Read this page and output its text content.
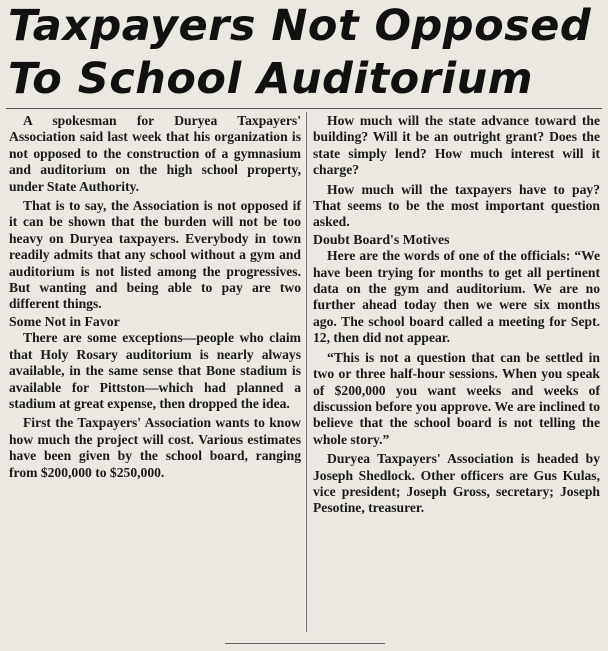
Taxpayers Not Opposed
To School Auditorium

A spokesman for Duryea Taxpayers' Association said last week that his organization is not opposed to the construction of a gymnasium and auditorium on the high school property, under State Authority.

That is to say, the Association is not opposed if it can be shown that the burden will not be too heavy on Duryea taxpayers. Everybody in town readily admits that any school without a gym and auditorium is not listed among the progressives. But wanting and being able to pay are two different things.

Some Not in Favor

There are some exceptions—people who claim that Holy Rosary auditorium is nearly always available, in the same sense that Bone stadium is available for Pittston—which had planned a stadium at great expense, then dropped the idea.

First the Taxpayers' Association wants to know how much the project will cost. Various estimates have been given by the school board, ranging from $200,000 to $250,000.

How much will the state advance toward the building? Will it be an outright grant? Does the state simply lend? How much interest will it charge?

How much will the taxpayers have to pay? That seems to be the most important question asked.

Doubt Board's Motives

Here are the words of one of the officials: “We have been trying for months to get all pertinent data on the gym and auditorium. We are no further ahead today then we were six months ago. The school board called a meeting for Sept. 12, then did not appear.

“This is not a question that can be settled in two or three half-hour sessions. When you speak of $200,000 you want weeks and weeks of discussion before you approve. We are inclined to believe that the school board is not telling the whole story.”

Duryea Taxpayers' Association is headed by Joseph Shedlock. Other officers are Gus Kulas, vice president; Joseph Gross, secretary; Joseph Pesotine, treasurer.
